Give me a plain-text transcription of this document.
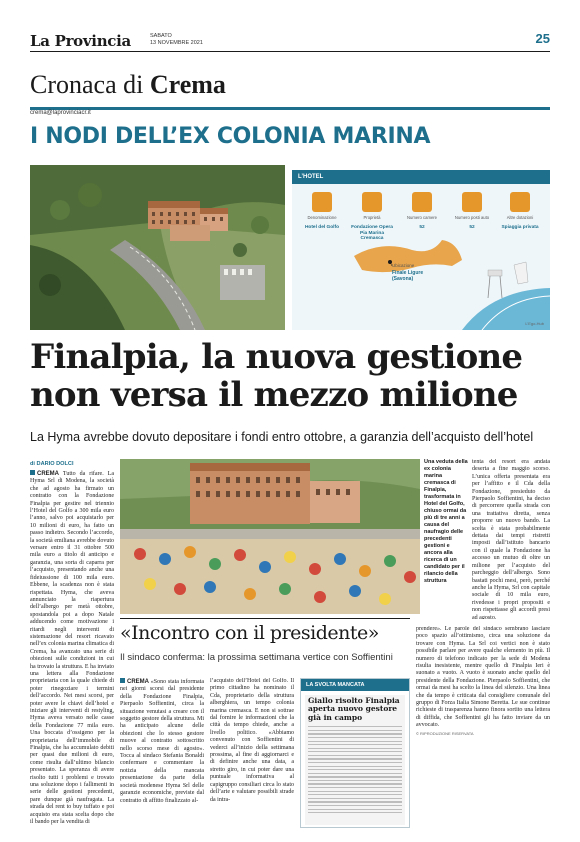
La Provincia	SABATO
13 NOVEMBRE 2021	25
Cronaca di Crema
crema@laprovinciacr.it
I NODI DELL’EX COLONIA MARINA
L’HOTEL
Denominazione
Hotel del Golfo
Proprietà
Fondazione Opera Pia Marina Cremasca
Numero camere
52
Numero posti auto
52
Altre dotazioni
Spiaggia privata
Ubicazione
Finale Ligure (Savona)
L’Ego-Hub
Finalpia, la nuova gestione non versa il mezzo milione
La Hyma avrebbe dovuto depositare i fondi entro ottobre, a garanzia dell’acquisto dell’hotel
di DARIO DOLCI
CREMA Tutto da rifare. La Hyma Srl di Modena, la società che ad agosto ha firmato un contratto con la Fondazione Finalpia per gestire nel triennio l’Hotel del Golfo a 300 mila euro l’anno, salvo poi acquistarlo per 10 milioni di euro, ha fatto un passo indietro. Secondo l’accordo, la società emiliana avrebbe dovuto versare entro il 31 ottobre 500 mila euro a titolo di anticipo e garanzia, una sorta di caparra per l’acquisto, presentando anche una fideiussione di 100 mila euro. Ebbene, la scadenza non è stata rispettata. Hyma, che aveva annunciato la riapertura dell’albergo per metà ottobre, spostandola poi a dopo Natale adducendo come motivazione i ritardi negli interventi di sistemazione del resort ricavato nell’ex colonia marina climatica di Crema, ha avanzato una serie di obiezioni sulle condizioni in cui ha trovato la struttura. E ha inviato una lettera alla Fondazione proprietaria con la quale chiede di poter rinegoziare i termini dell’accordo. Nei mesi scorsi, per poter avere le chiavi dell’hotel e iniziare gli interventi di restyling, Hyma aveva versato nelle casse della Fondazione 77 mila euro. Una boccata d’ossigeno per la proprietaria dell’immobile di Finalpia, che ha accumulato debiti per quasi due milioni di euro, come risulta dall’ultimo bilancio presentato. La speranza di avere risolto tutti i problemi e trovato una soluzione dopo i fallimenti in serie delle gestioni precedenti, pare dunque già naufragata. La strada del rent to buy tuffato e poi acquisto era stata scelta dopo che il bando per la vendita di
Una veduta della ex colonia marina cremasca di Finalpia, trasformata in Hotel del Golfo, chiuso ormai da più di tre anni a causa del naufragio delle precedenti gestioni e ancora alla ricerca di un candidato per il rilancio della struttura
tenta del resort era andata deserta a fine maggio scorso. L’unica offerta presentata era per l’affitto e il Cda della Fondazione, presieduto da Pierpaolo Soffientini, ha deciso di percorrere quella strada con una trattativa diretta, senza proporre un nuovo bando. La scelta è stata probabilmente dettata dai tempi ristretti imposti dall’istituto bancario con il quale la Fondazione ha accesso un mutuo di oltre un milione per l’acquisto del parcheggio dell’albergo. Sono bastati pochi mesi, però, perché anche la Hyma, Srl con capitale sociale di 10 mila euro, rivedesse i propri propositi e non rispettasse gli accordi presi ad agosto.
«Incontro con il presidente»
Il sindaco conferma: la prossima settimana vertice con Soffientini
CREMA «Sono stata informata nei giorni scorsi dal presidente della Fondazione Finalpia, Pierpaolo Soffientini, circa la situazione venutasi a creare con il soggetto gestore della struttura. Mi ha anticipato alcune delle obiezioni che lo stesso gestore muove al contratto sottoscritto nello scorso mese di agosto». Tocca al sindaco Stefania Bonaldi confermare e commentare la notizia della mancata presentazione da parte della società modenese Hyma Srl delle garanzie economiche, previste dal contratto di affitto finalizzato al-
l’acquisto dell’Hotel del Golfo. Il primo cittadino ha nominato il Cda, proprietario della struttura alberghiera, un tempo colonia marina cremasca. E non si sottrae dal fornire le informazioni che la città da tempo chiede, anche a livello politico. «Abbiamo convenuto con Soffientini di vederci all’inizio della settimana prossima, al fine di aggiornarci e di definire anche una data, a stretto giro, in cui poter dare una puntuale informativa al capigruppo consiliari circa lo stato dell’arte e valutare possibili strade da intra-
LA SVOLTA MANCATA
Giallo risolto Finalpia aperta nuovo gestore già in campo
prendere». Le parole del sindaco sembrano lasciare poco spazio all’ottimismo, circa una soluzione da trovare con Hyma. La Srl coi vertici non è stato possibile parlare per avere qualche elemento in più. Il numero di telefono indicato per la sede di Modena risulta inesistente, mentre quello di Finalpia Ieri è suonato a vuoto. A vuoto è suonato anche quello del presidente della Fondazione. Pierpaolo Soffientini, che ormai da mesi ha scelto la linea del silenzio. Una linea che da tempo è criticata dal consigliere comunale del gruppo di Forza Italia Simone Beretta. Le sue continue richieste di trasparenza hanno finora sortito una lettera di diffida, che Soffientini gli ha fatto inviare da un avvocato.
© RIPRODUZIONE RISERVATA
